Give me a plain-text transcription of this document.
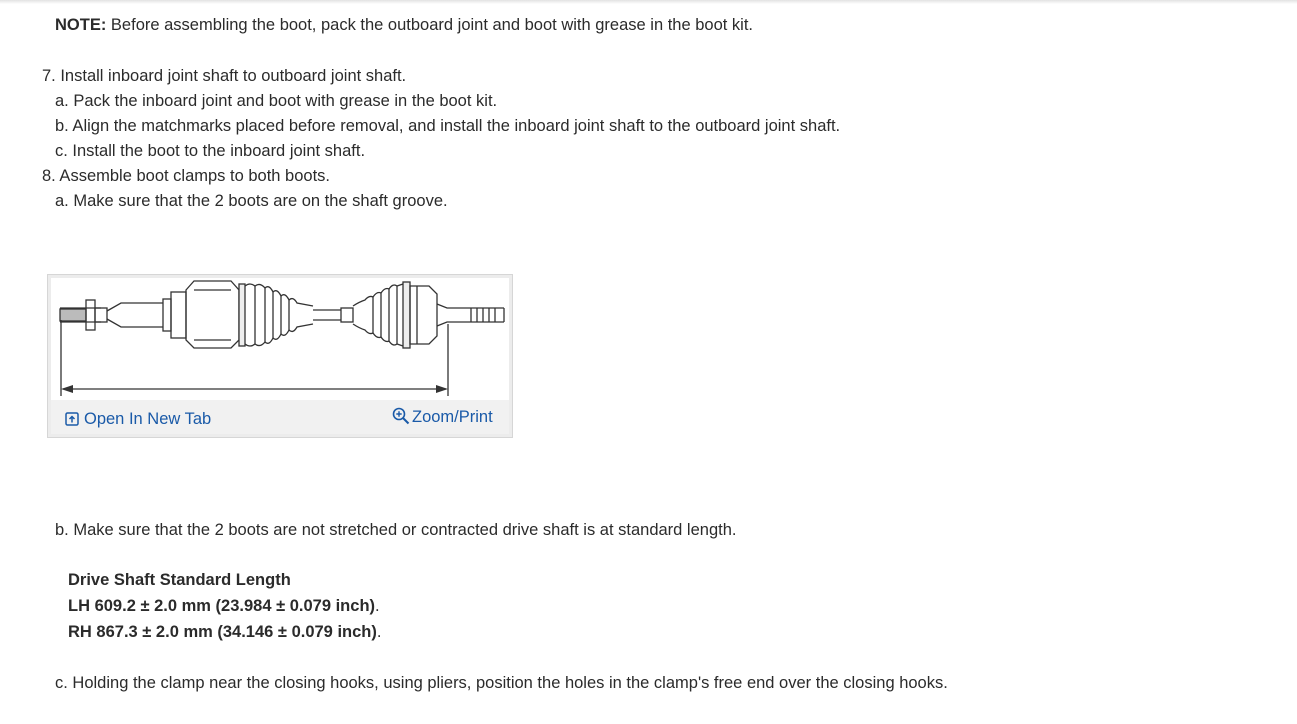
NOTE: Before assembling the boot, pack the outboard joint and boot with grease in the boot kit.
7. Install inboard joint shaft to outboard joint shaft.
a. Pack the inboard joint and boot with grease in the boot kit.
b. Align the matchmarks placed before removal, and install the inboard joint shaft to the outboard joint shaft.
c. Install the boot to the inboard joint shaft.
8. Assemble boot clamps to both boots.
a. Make sure that the 2 boots are on the shaft groove.
Open In New Tab	Zoom/Print
b. Make sure that the 2 boots are not stretched or contracted drive shaft is at standard length.
Drive Shaft Standard Length
LH 609.2 ± 2.0 mm (23.984 ± 0.079 inch).
RH 867.3 ± 2.0 mm (34.146 ± 0.079 inch).
c. Holding the clamp near the closing hooks, using pliers, position the holes in the clamp's free end over the closing hooks.
